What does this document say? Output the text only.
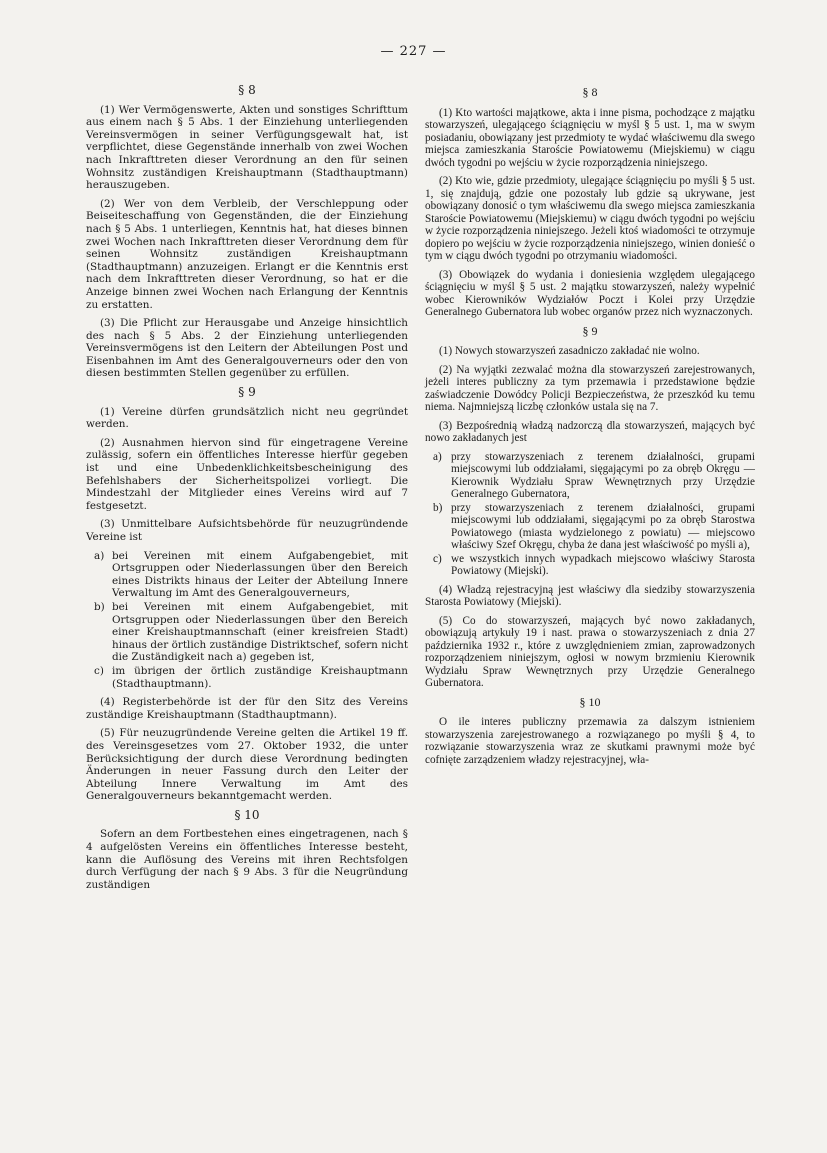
— 227 —
§ 8

(1) Wer Vermögenswerte, Akten und sonstiges Schrifttum aus einem nach § 5 Abs. 1 der Einziehung unterliegenden Vereinsvermögen in seiner Verfügungsgewalt hat, ist verpflichtet, diese Gegenstände innerhalb von zwei Wochen nach Inkrafttreten dieser Verordnung an den für seinen Wohnsitz zuständigen Kreishauptmann (Stadthauptmann) herauszugeben.

(2) Wer von dem Verbleib, der Verschleppung oder Beiseiteschaffung von Gegenständen, die der Einziehung nach § 5 Abs. 1 unterliegen, Kenntnis hat, hat dieses binnen zwei Wochen nach Inkrafttreten dieser Verordnung dem für seinen Wohnsitz zuständigen Kreishauptmann (Stadthauptmann) anzuzeigen. Erlangt er die Kenntnis erst nach dem Inkrafttreten dieser Verordnung, so hat er die Anzeige binnen zwei Wochen nach Erlangung der Kenntnis zu erstatten.

(3) Die Pflicht zur Herausgabe und Anzeige hinsichtlich des nach § 5 Abs. 2 der Einziehung unterliegenden Vereinsvermögens ist den Leitern der Abteilungen Post und Eisenbahnen im Amt des Generalgouverneurs oder den von diesen bestimmten Stellen gegenüber zu erfüllen.

§ 9

(1) Vereine dürfen grundsätzlich nicht neu gegründet werden.

(2) Ausnahmen hiervon sind für eingetragene Vereine zulässig, sofern ein öffentliches Interesse hierfür gegeben ist und eine Unbedenklichkeitsbescheinigung des Befehlshabers der Sicherheitspolizei vorliegt. Die Mindestzahl der Mitglieder eines Vereins wird auf 7 festgesetzt.

(3) Unmittelbare Aufsichtsbehörde für neuzugründende Vereine ist

a) bei Vereinen mit einem Aufgabengebiet, mit Ortsgruppen oder Niederlassungen über den Bereich eines Distrikts hinaus der Leiter der Abteilung Innere Verwaltung im Amt des Generalgouverneurs,
b) bei Vereinen mit einem Aufgabengebiet, mit Ortsgruppen oder Niederlassungen über den Bereich einer Kreishauptmannschaft (einer kreisfreien Stadt) hinaus der örtlich zuständige Distriktschef, sofern nicht die Zuständigkeit nach a) gegeben ist,
c) im übrigen der örtlich zuständige Kreishauptmann (Stadthauptmann).

(4) Registerbehörde ist der für den Sitz des Vereins zuständige Kreishauptmann (Stadthauptmann).

(5) Für neuzugründende Vereine gelten die Artikel 19 ff. des Vereinsgesetzes vom 27. Oktober 1932, die unter Berücksichtigung der durch diese Verordnung bedingten Änderungen in neuer Fassung durch den Leiter der Abteilung Innere Verwaltung im Amt des Generalgouverneurs bekanntgemacht werden.

§ 10

Sofern an dem Fortbestehen eines eingetragenen, nach § 4 aufgelösten Vereins ein öffentliches Interesse besteht, kann die Auflösung des Vereins mit ihren Rechtsfolgen durch Verfügung der nach § 9 Abs. 3 für die Neugründung zuständigen

§ 8

(1) Kto wartości majątkowe, akta i inne pisma, pochodzące z majątku stowarzyszeń, ulegającego ściągnięciu w myśl § 5 ust. 1, ma w swym posiadaniu, obowiązany jest przedmioty te wydać właściwemu dla swego miejsca zamieszkania Staroście Powiatowemu (Miejskiemu) w ciągu dwóch tygodni po wejściu w życie rozporządzenia niniejszego.

(2) Kto wie, gdzie przedmioty, ulegające ściągnięciu po myśli § 5 ust. 1, się znajdują, gdzie one pozostały lub gdzie są ukrywane, jest obowiązany donosić o tym właściwemu dla swego miejsca zamieszkania Staroście Powiatowemu (Miejskiemu) w ciągu dwóch tygodni po wejściu w życie rozporządzenia niniejszego. Jeżeli ktoś wiadomości te otrzymuje dopiero po wejściu w życie rozporządzenia niniejszego, winien donieść o tym w ciągu dwóch tygodni po otrzymaniu wiadomości.

(3) Obowiązek do wydania i doniesienia względem ulegającego ściągnięciu w myśl § 5 ust. 2 majątku stowarzyszeń, należy wypełnić wobec Kierowników Wydziałów Poczt i Kolei przy Urzędzie Generalnego Gubernatora lub wobec organów przez nich wyznaczonych.

§ 9

(1) Nowych stowarzyszeń zasadniczo zakładać nie wolno.

(2) Na wyjątki zezwalać można dla stowarzyszeń zarejestrowanych, jeżeli interes publiczny za tym przemawia i przedstawione będzie zaświadczenie Dowódcy Policji Bezpieczeństwa, że przeszkód ku temu niema. Najmniejszą liczbę członków ustala się na 7.

(3) Bezpośrednią władzą nadzorczą dla stowarzyszeń, mających być nowo zakładanych jest

a) przy stowarzyszeniach z terenem działalności, grupami miejscowymi lub oddziałami, sięgającymi po za obręb Okręgu — Kierownik Wydziału Spraw Wewnętrznych przy Urzędzie Generalnego Gubernatora,
b) przy stowarzyszeniach z terenem działalności, grupami miejscowymi lub oddziałami, sięgającymi po za obręb Starostwa Powiatowego (miasta wydzielonego z powiatu) — miejscowo właściwy Szef Okręgu, chyba że dana jest właściwość po myśli a),
c) we wszystkich innych wypadkach miejscowo właściwy Starosta Powiatowy (Miejski).

(4) Władzą rejestracyjną jest właściwy dla siedziby stowarzyszenia Starosta Powiatowy (Miejski).

(5) Co do stowarzyszeń, mających być nowo zakładanych, obowiązują artykuły 19 i nast. prawa o stowarzyszeniach z dnia 27 października 1932 r., które z uwzględnieniem zmian, zaprowadzonych rozporządzeniem niniejszym, ogłosi w nowym brzmieniu Kierownik Wydziału Spraw Wewnętrznych przy Urzędzie Generalnego Gubernatora.

§ 10

O ile interes publiczny przemawia za dalszym istnieniem stowarzyszenia zarejestrowanego a rozwiązanego po myśli § 4, to rozwiązanie stowarzyszenia wraz ze skutkami prawnymi może być cofnięte zarządzeniem władzy rejestracyjnej, wła-
